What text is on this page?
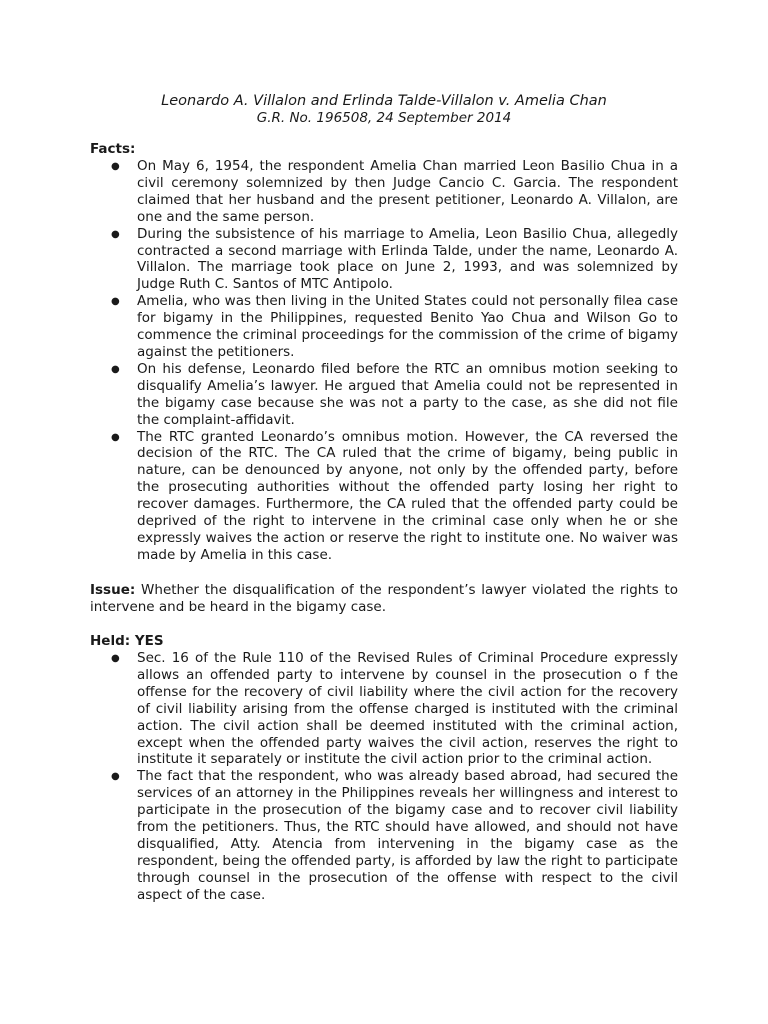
Leonardo A. Villalon and Erlinda Talde-Villalon v. Amelia Chan
G.R. No. 196508, 24 September 2014
Facts:
● On May 6, 1954, the respondent Amelia Chan married Leon Basilio Chua in a civil ceremony solemnized by then Judge Cancio C. Garcia. The respondent claimed that her husband and the present petitioner, Leonardo A. Villalon, are one and the same person.
● During the subsistence of his marriage to Amelia, Leon Basilio Chua, allegedly contracted a second marriage with Erlinda Talde, under the name, Leonardo A. Villalon. The marriage took place on June 2, 1993, and was solemnized by Judge Ruth C. Santos of MTC Antipolo.
● Amelia, who was then living in the United States could not personally filea case for bigamy in the Philippines, requested Benito Yao Chua and Wilson Go to commence the criminal proceedings for the commission of the crime of bigamy against the petitioners.
● On his defense, Leonardo filed before the RTC an omnibus motion seeking to disqualify Amelia’s lawyer. He argued that Amelia could not be represented in the bigamy case because she was not a party to the case, as she did not file the complaint-affidavit.
● The RTC granted Leonardo’s omnibus motion. However, the CA reversed the decision of the RTC. The CA ruled that the crime of bigamy, being public in nature, can be denounced by anyone, not only by the offended party, before the prosecuting authorities without the offended party losing her right to recover damages. Furthermore, the CA ruled that the offended party could be deprived of the right to intervene in the criminal case only when he or she expressly waives the action or reserve the right to institute one. No waiver was made by Amelia in this case.
Issue: Whether the disqualification of the respondent’s lawyer violated the rights to intervene and be heard in the bigamy case.
Held: YES
● Sec. 16 of the Rule 110 of the Revised Rules of Criminal Procedure expressly allows an offended party to intervene by counsel in the prosecution o f the offense for the recovery of civil liability where the civil action for the recovery of civil liability arising from the offense charged is instituted with the criminal action. The civil action shall be deemed instituted with the criminal action, except when the offended party waives the civil action, reserves the right to institute it separately or institute the civil action prior to the criminal action.
● The fact that the respondent, who was already based abroad, had secured the services of an attorney in the Philippines reveals her willingness and interest to participate in the prosecution of the bigamy case and to recover civil liability from the petitioners. Thus, the RTC should have allowed, and should not have disqualified, Atty. Atencia from intervening in the bigamy case as the respondent, being the offended party, is afforded by law the right to participate through counsel in the prosecution of the offense with respect to the civil aspect of the case.
